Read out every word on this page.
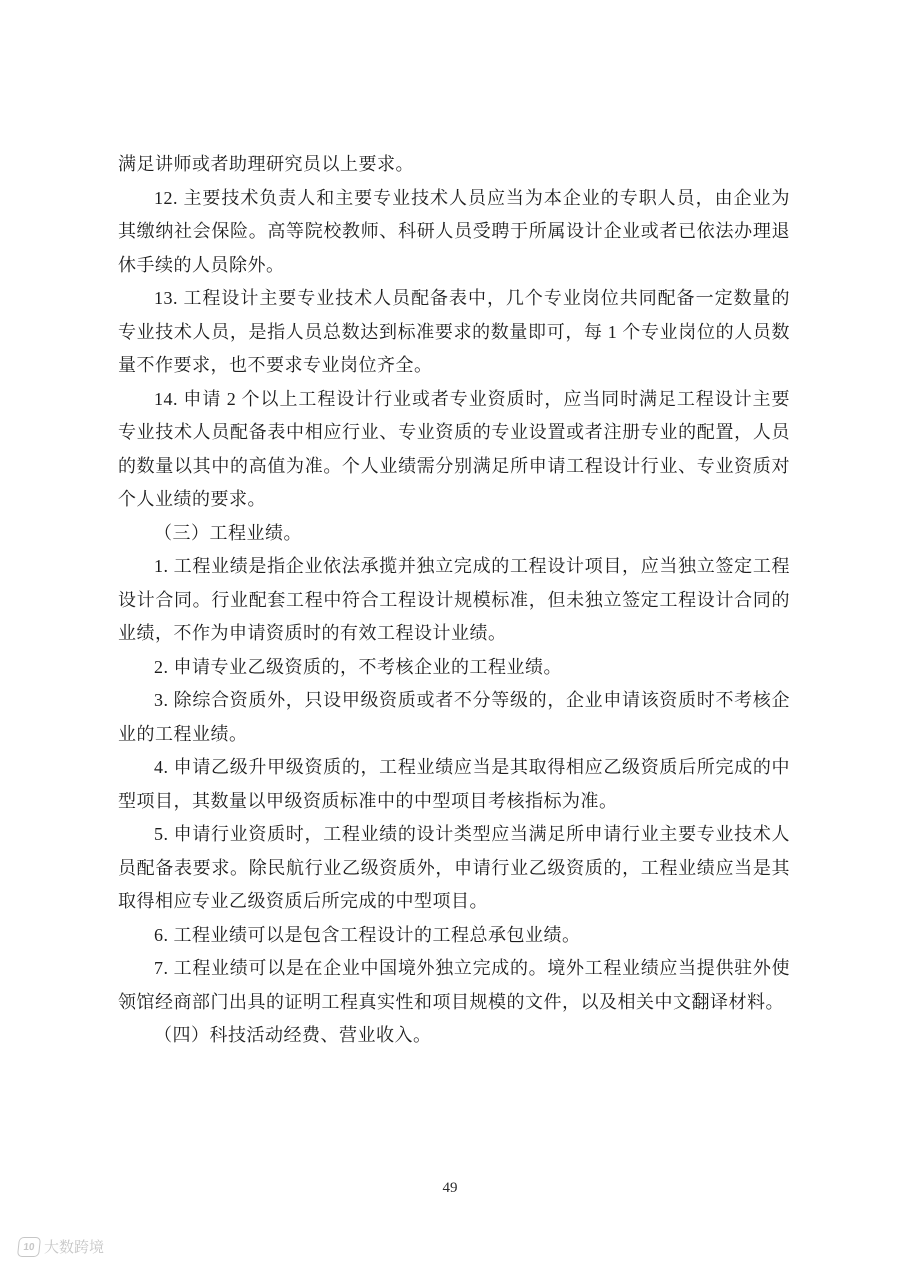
满足讲师或者助理研究员以上要求。

12. 主要技术负责人和主要专业技术人员应当为本企业的专职人员，由企业为其缴纳社会保险。高等院校教师、科研人员受聘于所属设计企业或者已依法办理退休手续的人员除外。

13. 工程设计主要专业技术人员配备表中，几个专业岗位共同配备一定数量的专业技术人员，是指人员总数达到标准要求的数量即可，每 1 个专业岗位的人员数量不作要求，也不要求专业岗位齐全。

14. 申请 2 个以上工程设计行业或者专业资质时，应当同时满足工程设计主要专业技术人员配备表中相应行业、专业资质的专业设置或者注册专业的配置，人员的数量以其中的高值为准。个人业绩需分别满足所申请工程设计行业、专业资质对个人业绩的要求。

（三）工程业绩。

1. 工程业绩是指企业依法承揽并独立完成的工程设计项目，应当独立签定工程设计合同。行业配套工程中符合工程设计规模标准，但未独立签定工程设计合同的业绩，不作为申请资质时的有效工程设计业绩。

2. 申请专业乙级资质的，不考核企业的工程业绩。

3. 除综合资质外，只设甲级资质或者不分等级的，企业申请该资质时不考核企业的工程业绩。

4. 申请乙级升甲级资质的，工程业绩应当是其取得相应乙级资质后所完成的中型项目，其数量以甲级资质标准中的中型项目考核指标为准。

5. 申请行业资质时，工程业绩的设计类型应当满足所申请行业主要专业技术人员配备表要求。除民航行业乙级资质外，申请行业乙级资质的，工程业绩应当是其取得相应专业乙级资质后所完成的中型项目。

6. 工程业绩可以是包含工程设计的工程总承包业绩。

7. 工程业绩可以是在企业中国境外独立完成的。境外工程业绩应当提供驻外使领馆经商部门出具的证明工程真实性和项目规模的文件，以及相关中文翻译材料。

（四）科技活动经费、营业收入。

49
10 大数跨境
